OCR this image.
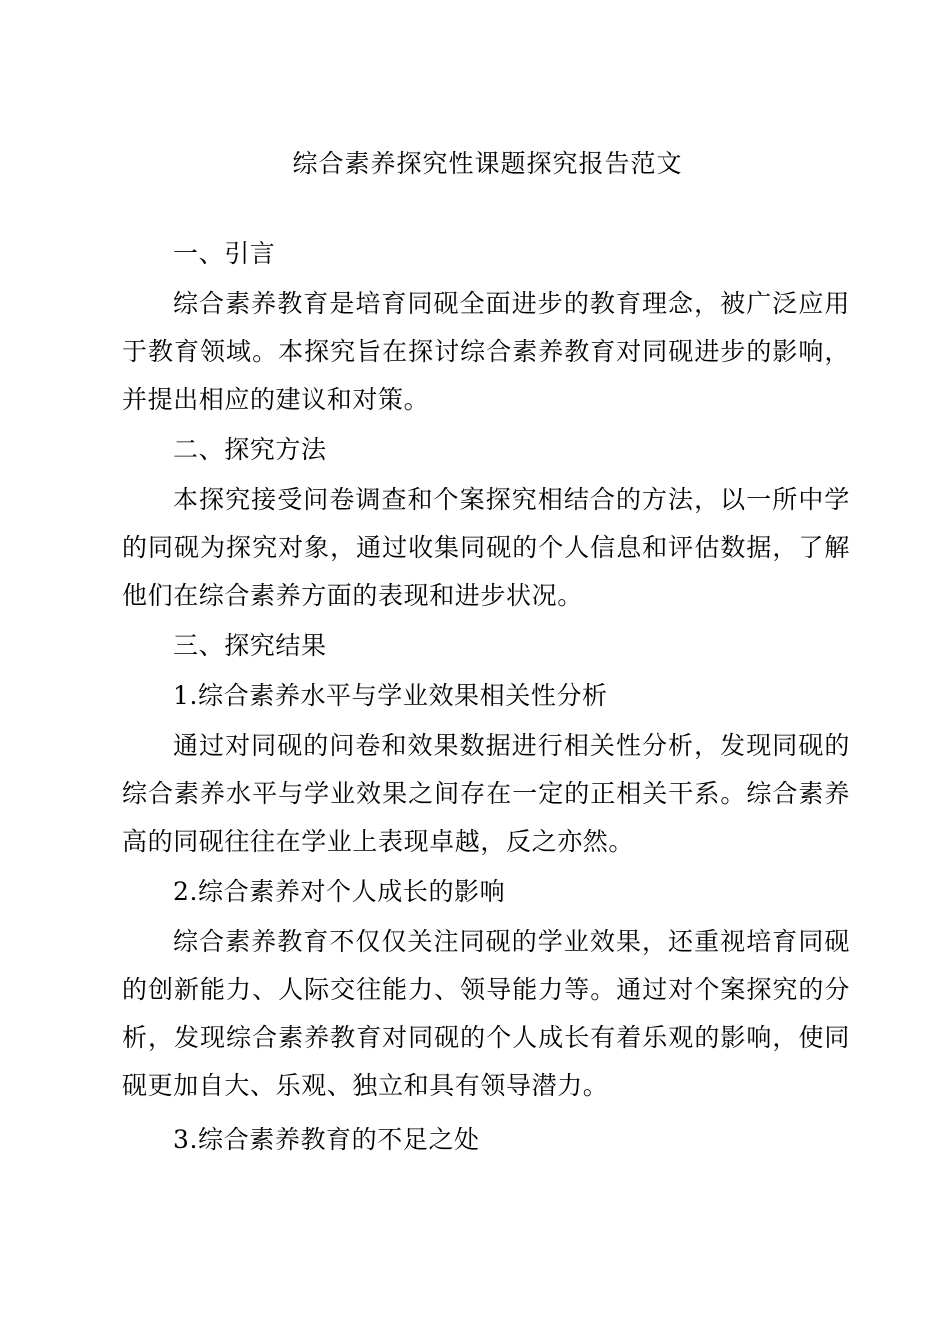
综合素养探究性课题探究报告范文

一、引言

综合素养教育是培育同砚全面进步的教育理念，被广泛应用于教育领域。本探究旨在探讨综合素养教育对同砚进步的影响，并提出相应的建议和对策。

二、探究方法

本探究接受问卷调查和个案探究相结合的方法，以一所中学的同砚为探究对象，通过收集同砚的个人信息和评估数据，了解他们在综合素养方面的表现和进步状况。

三、探究结果

1.综合素养水平与学业效果相关性分析

通过对同砚的问卷和效果数据进行相关性分析，发现同砚的综合素养水平与学业效果之间存在一定的正相关干系。综合素养高的同砚往往在学业上表现卓越，反之亦然。

2.综合素养对个人成长的影响

综合素养教育不仅仅关注同砚的学业效果，还重视培育同砚的创新能力、人际交往能力、领导能力等。通过对个案探究的分析，发现综合素养教育对同砚的个人成长有着乐观的影响，使同砚更加自大、乐观、独立和具有领导潜力。

3.综合素养教育的不足之处
